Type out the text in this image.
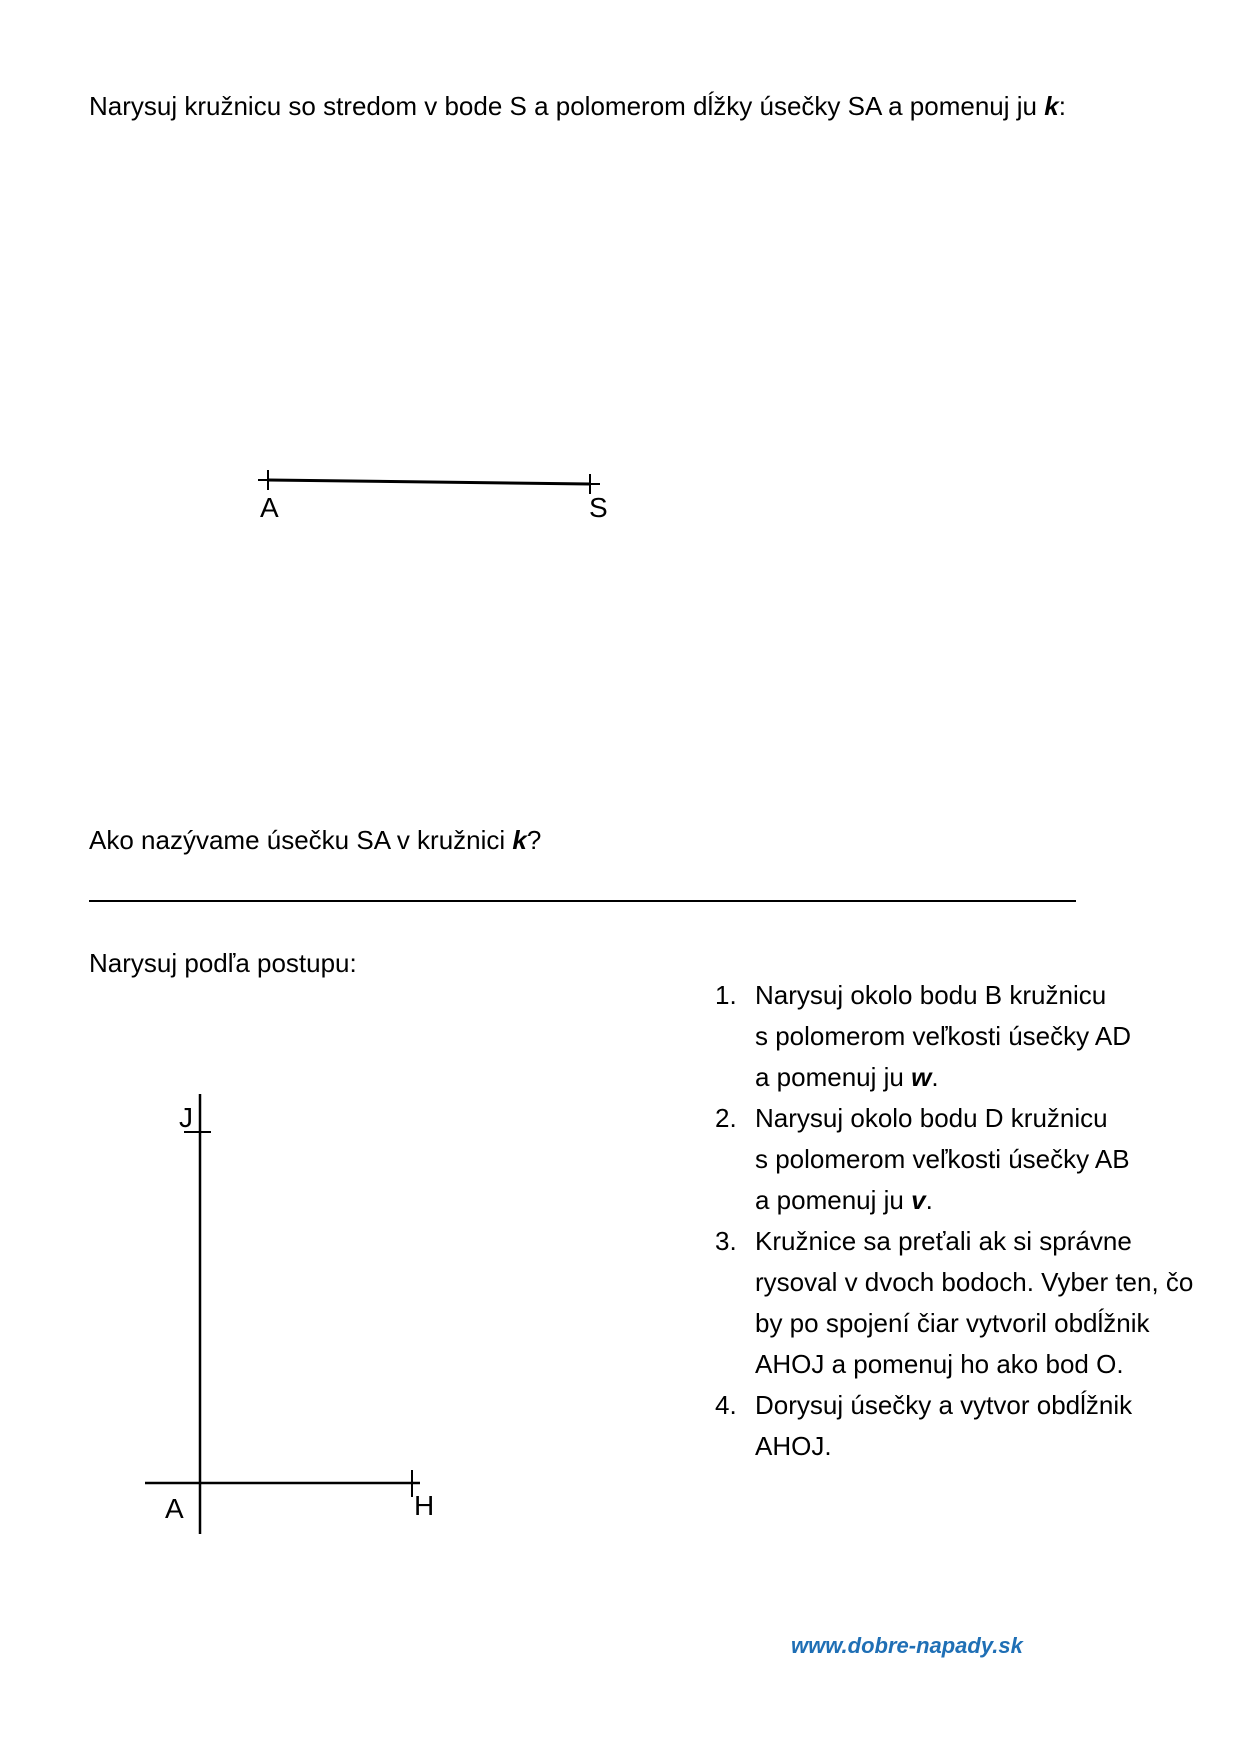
Narysuj kružnicu so stredom v bode S a polomerom dĺžky úsečky SA a pomenuj ju k:
A	S
Ako nazývame úsečku SA v kružnici k?
Narysuj podľa postupu:
J
A	H
1. Narysuj okolo bodu B kružnicu
s polomerom veľkosti úsečky AD
a pomenuj ju w.
2. Narysuj okolo bodu D kružnicu
s polomerom veľkosti úsečky AB
a pomenuj ju v.
3. Kružnice sa preťali ak si správne
rysoval v dvoch bodoch. Vyber ten, čo
by po spojení čiar vytvoril obdĺžnik
AHOJ a pomenuj ho ako bod O.
4. Dorysuj úsečky a vytvor obdĺžnik
AHOJ.
www.dobre-napady.sk
